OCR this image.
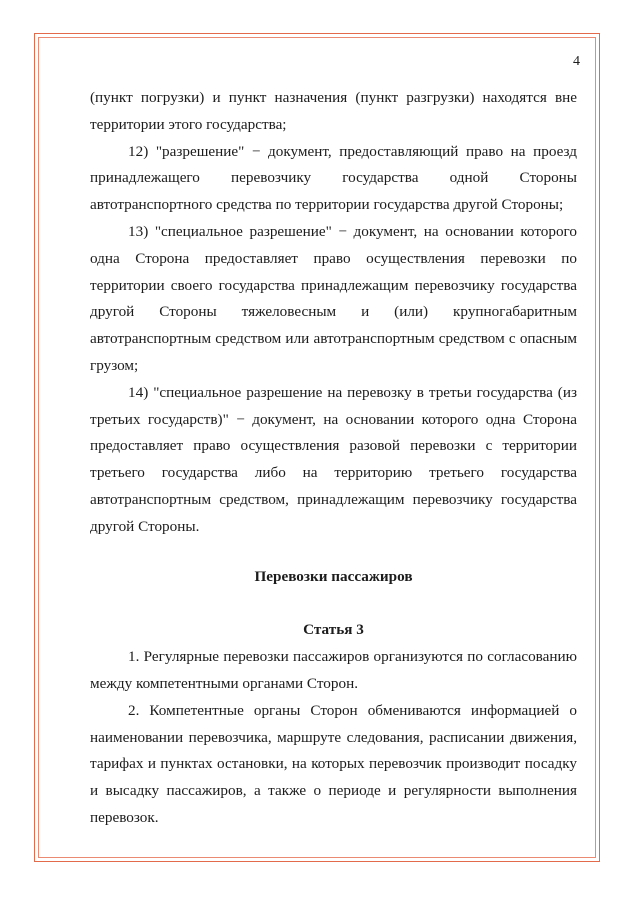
4

(пункт погрузки) и пункт назначения (пункт разгрузки) находятся вне территории этого государства;

12) "разрешение" − документ, предоставляющий право на проезд принадлежащего перевозчику государства одной Стороны автотранспортного средства по территории государства другой Стороны;

13) "специальное разрешение" − документ, на основании которого одна Сторона предоставляет право осуществления перевозки по территории своего государства принадлежащим перевозчику государства другой Стороны тяжеловесным и (или) крупногабаритным автотранспортным средством или автотранспортным средством с опасным грузом;

14) "специальное разрешение на перевозку в третьи государства (из третьих государств)" − документ, на основании которого одна Сторона предоставляет право осуществления разовой перевозки с территории третьего государства либо на территорию третьего государства автотранспортным средством, принадлежащим перевозчику государства другой Стороны.

Перевозки пассажиров

Статья 3

1. Регулярные перевозки пассажиров организуются по согласованию между компетентными органами Сторон.

2. Компетентные органы Сторон обмениваются информацией о наименовании перевозчика, маршруте следования, расписании движения, тарифах и пунктах остановки, на которых перевозчик производит посадку и высадку пассажиров, а также о периоде и регулярности выполнения перевозок.
